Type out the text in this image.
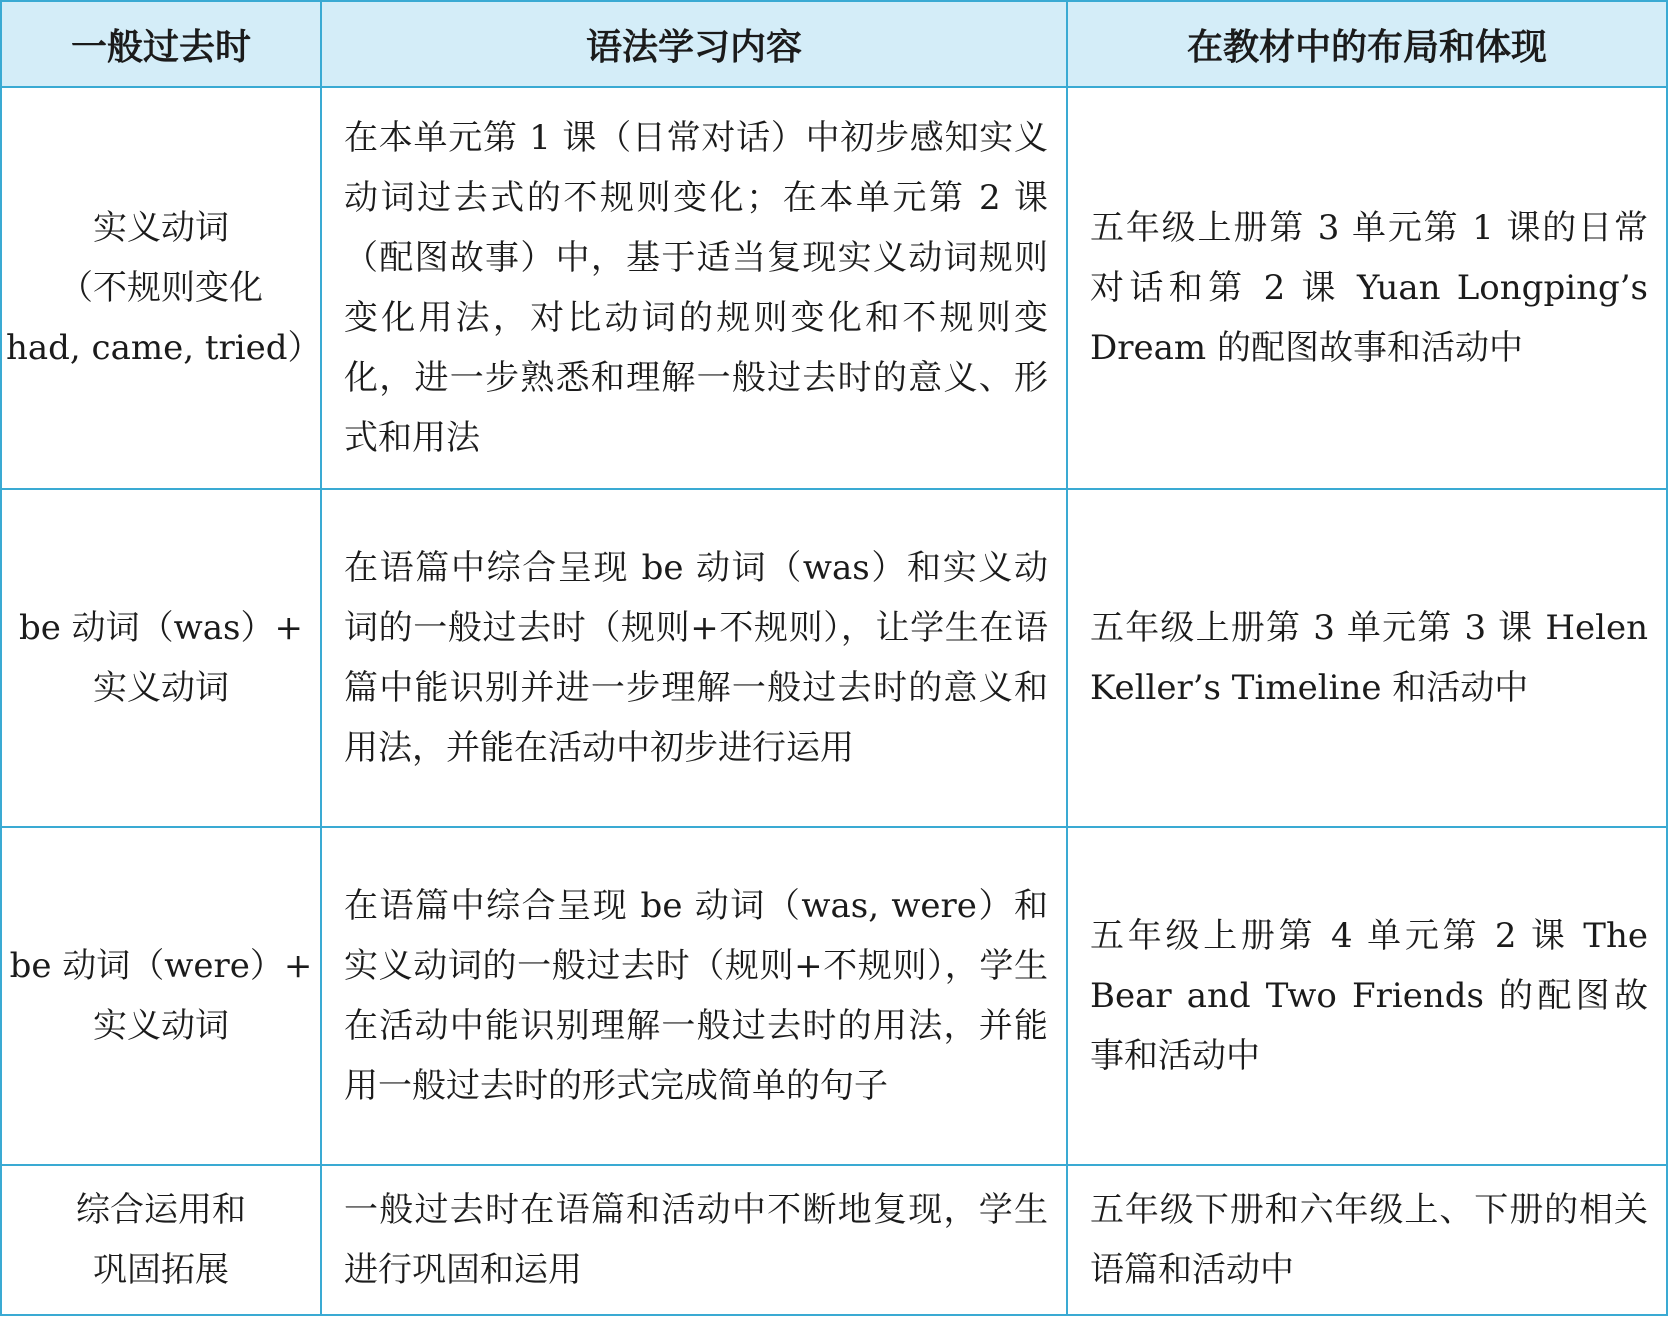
一般过去时	语法学习内容	在教材中的布局和体现
实义动词
（不规则变化
had, came, tried）	在本单元第 1 课（日常对话）中初步感知实义动词过去式的不规则变化；在本单元第 2 课（配图故事）中，基于适当复现实义动词规则变化用法，对比动词的规则变化和不规则变化，进一步熟悉和理解一般过去时的意义、形式和用法	五年级上册第 3 单元第 1 课的日常对话和第 2 课 Yuan Longping’s Dream 的配图故事和活动中
be 动词（was）+
实义动词	在语篇中综合呈现 be 动词（was）和实义动词的一般过去时（规则+不规则），让学生在语篇中能识别并进一步理解一般过去时的意义和用法，并能在活动中初步进行运用	五年级上册第 3 单元第 3 课 Helen Keller’s Timeline 和活动中
be 动词（were）+
实义动词	在语篇中综合呈现 be 动词（was, were）和实义动词的一般过去时（规则+不规则），学生在活动中能识别理解一般过去时的用法，并能用一般过去时的形式完成简单的句子	五年级上册第 4 单元第 2 课 The Bear and Two Friends 的配图故事和活动中
综合运用和
巩固拓展	一般过去时在语篇和活动中不断地复现，学生进行巩固和运用	五年级下册和六年级上、下册的相关语篇和活动中
